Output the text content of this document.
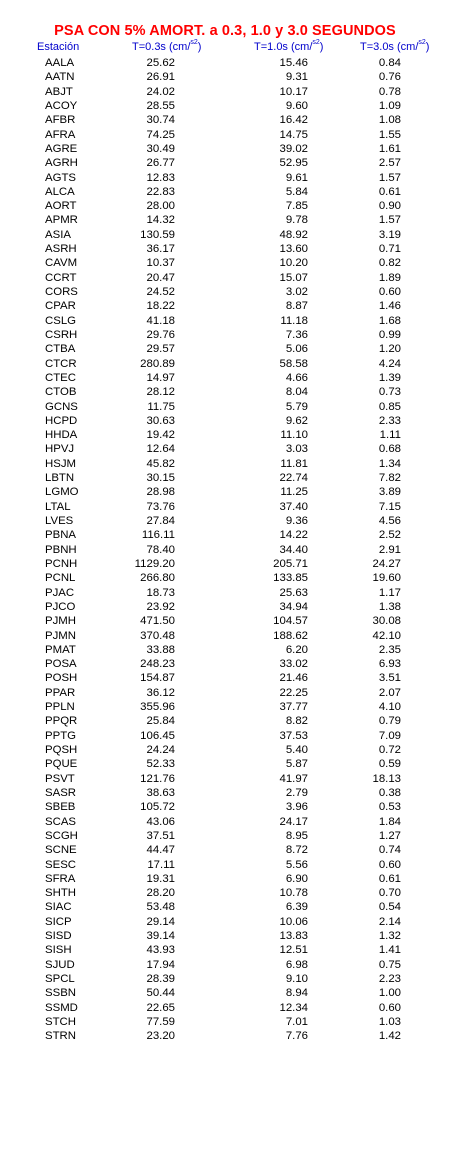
PSA CON 5% AMORT. a 0.3, 1.0 y 3.0 SEGUNDOS
Estación	T=0.3s (cm/$^{s2}$)	T=1.0s (cm/$^{s2}$)	T=3.0s (cm/$^{s2}$)
AALA	25.62	15.46	0.84
AATN	26.91	9.31	0.76
ABJT	24.02	10.17	0.78
ACOY	28.55	9.60	1.09
AFBR	30.74	16.42	1.08
AFRA	74.25	14.75	1.55
AGRE	30.49	39.02	1.61
AGRH	26.77	52.95	2.57
AGTS	12.83	9.61	1.57
ALCA	22.83	5.84	0.61
AORT	28.00	7.85	0.90
APMR	14.32	9.78	1.57
ASIA	130.59	48.92	3.19
ASRH	36.17	13.60	0.71
CAVM	10.37	10.20	0.82
CCRT	20.47	15.07	1.89
CORS	24.52	3.02	0.60
CPAR	18.22	8.87	1.46
CSLG	41.18	11.18	1.68
CSRH	29.76	7.36	0.99
CTBA	29.57	5.06	1.20
CTCR	280.89	58.58	4.24
CTEC	14.97	4.66	1.39
CTOB	28.12	8.04	0.73
GCNS	11.75	5.79	0.85
HCPD	30.63	9.62	2.33
HHDA	19.42	11.10	1.11
HPVJ	12.64	3.03	0.68
HSJM	45.82	11.81	1.34
LBTN	30.15	22.74	7.82
LGMO	28.98	11.25	3.89
LTAL	73.76	37.40	7.15
LVES	27.84	9.36	4.56
PBNA	116.11	14.22	2.52
PBNH	78.40	34.40	2.91
PCNH	1129.20	205.71	24.27
PCNL	266.80	133.85	19.60
PJAC	18.73	25.63	1.17
PJCO	23.92	34.94	1.38
PJMH	471.50	104.57	30.08
PJMN	370.48	188.62	42.10
PMAT	33.88	6.20	2.35
POSA	248.23	33.02	6.93
POSH	154.87	21.46	3.51
PPAR	36.12	22.25	2.07
PPLN	355.96	37.77	4.10
PPQR	25.84	8.82	0.79
PPTG	106.45	37.53	7.09
PQSH	24.24	5.40	0.72
PQUE	52.33	5.87	0.59
PSVT	121.76	41.97	18.13
SASR	38.63	2.79	0.38
SBEB	105.72	3.96	0.53
SCAS	43.06	24.17	1.84
SCGH	37.51	8.95	1.27
SCNE	44.47	8.72	0.74
SESC	17.11	5.56	0.60
SFRA	19.31	6.90	0.61
SHTH	28.20	10.78	0.70
SIAC	53.48	6.39	0.54
SICP	29.14	10.06	2.14
SISD	39.14	13.83	1.32
SISH	43.93	12.51	1.41
SJUD	17.94	6.98	0.75
SPCL	28.39	9.10	2.23
SSBN	50.44	8.94	1.00
SSMD	22.65	12.34	0.60
STCH	77.59	7.01	1.03
STRN	23.20	7.76	1.42
